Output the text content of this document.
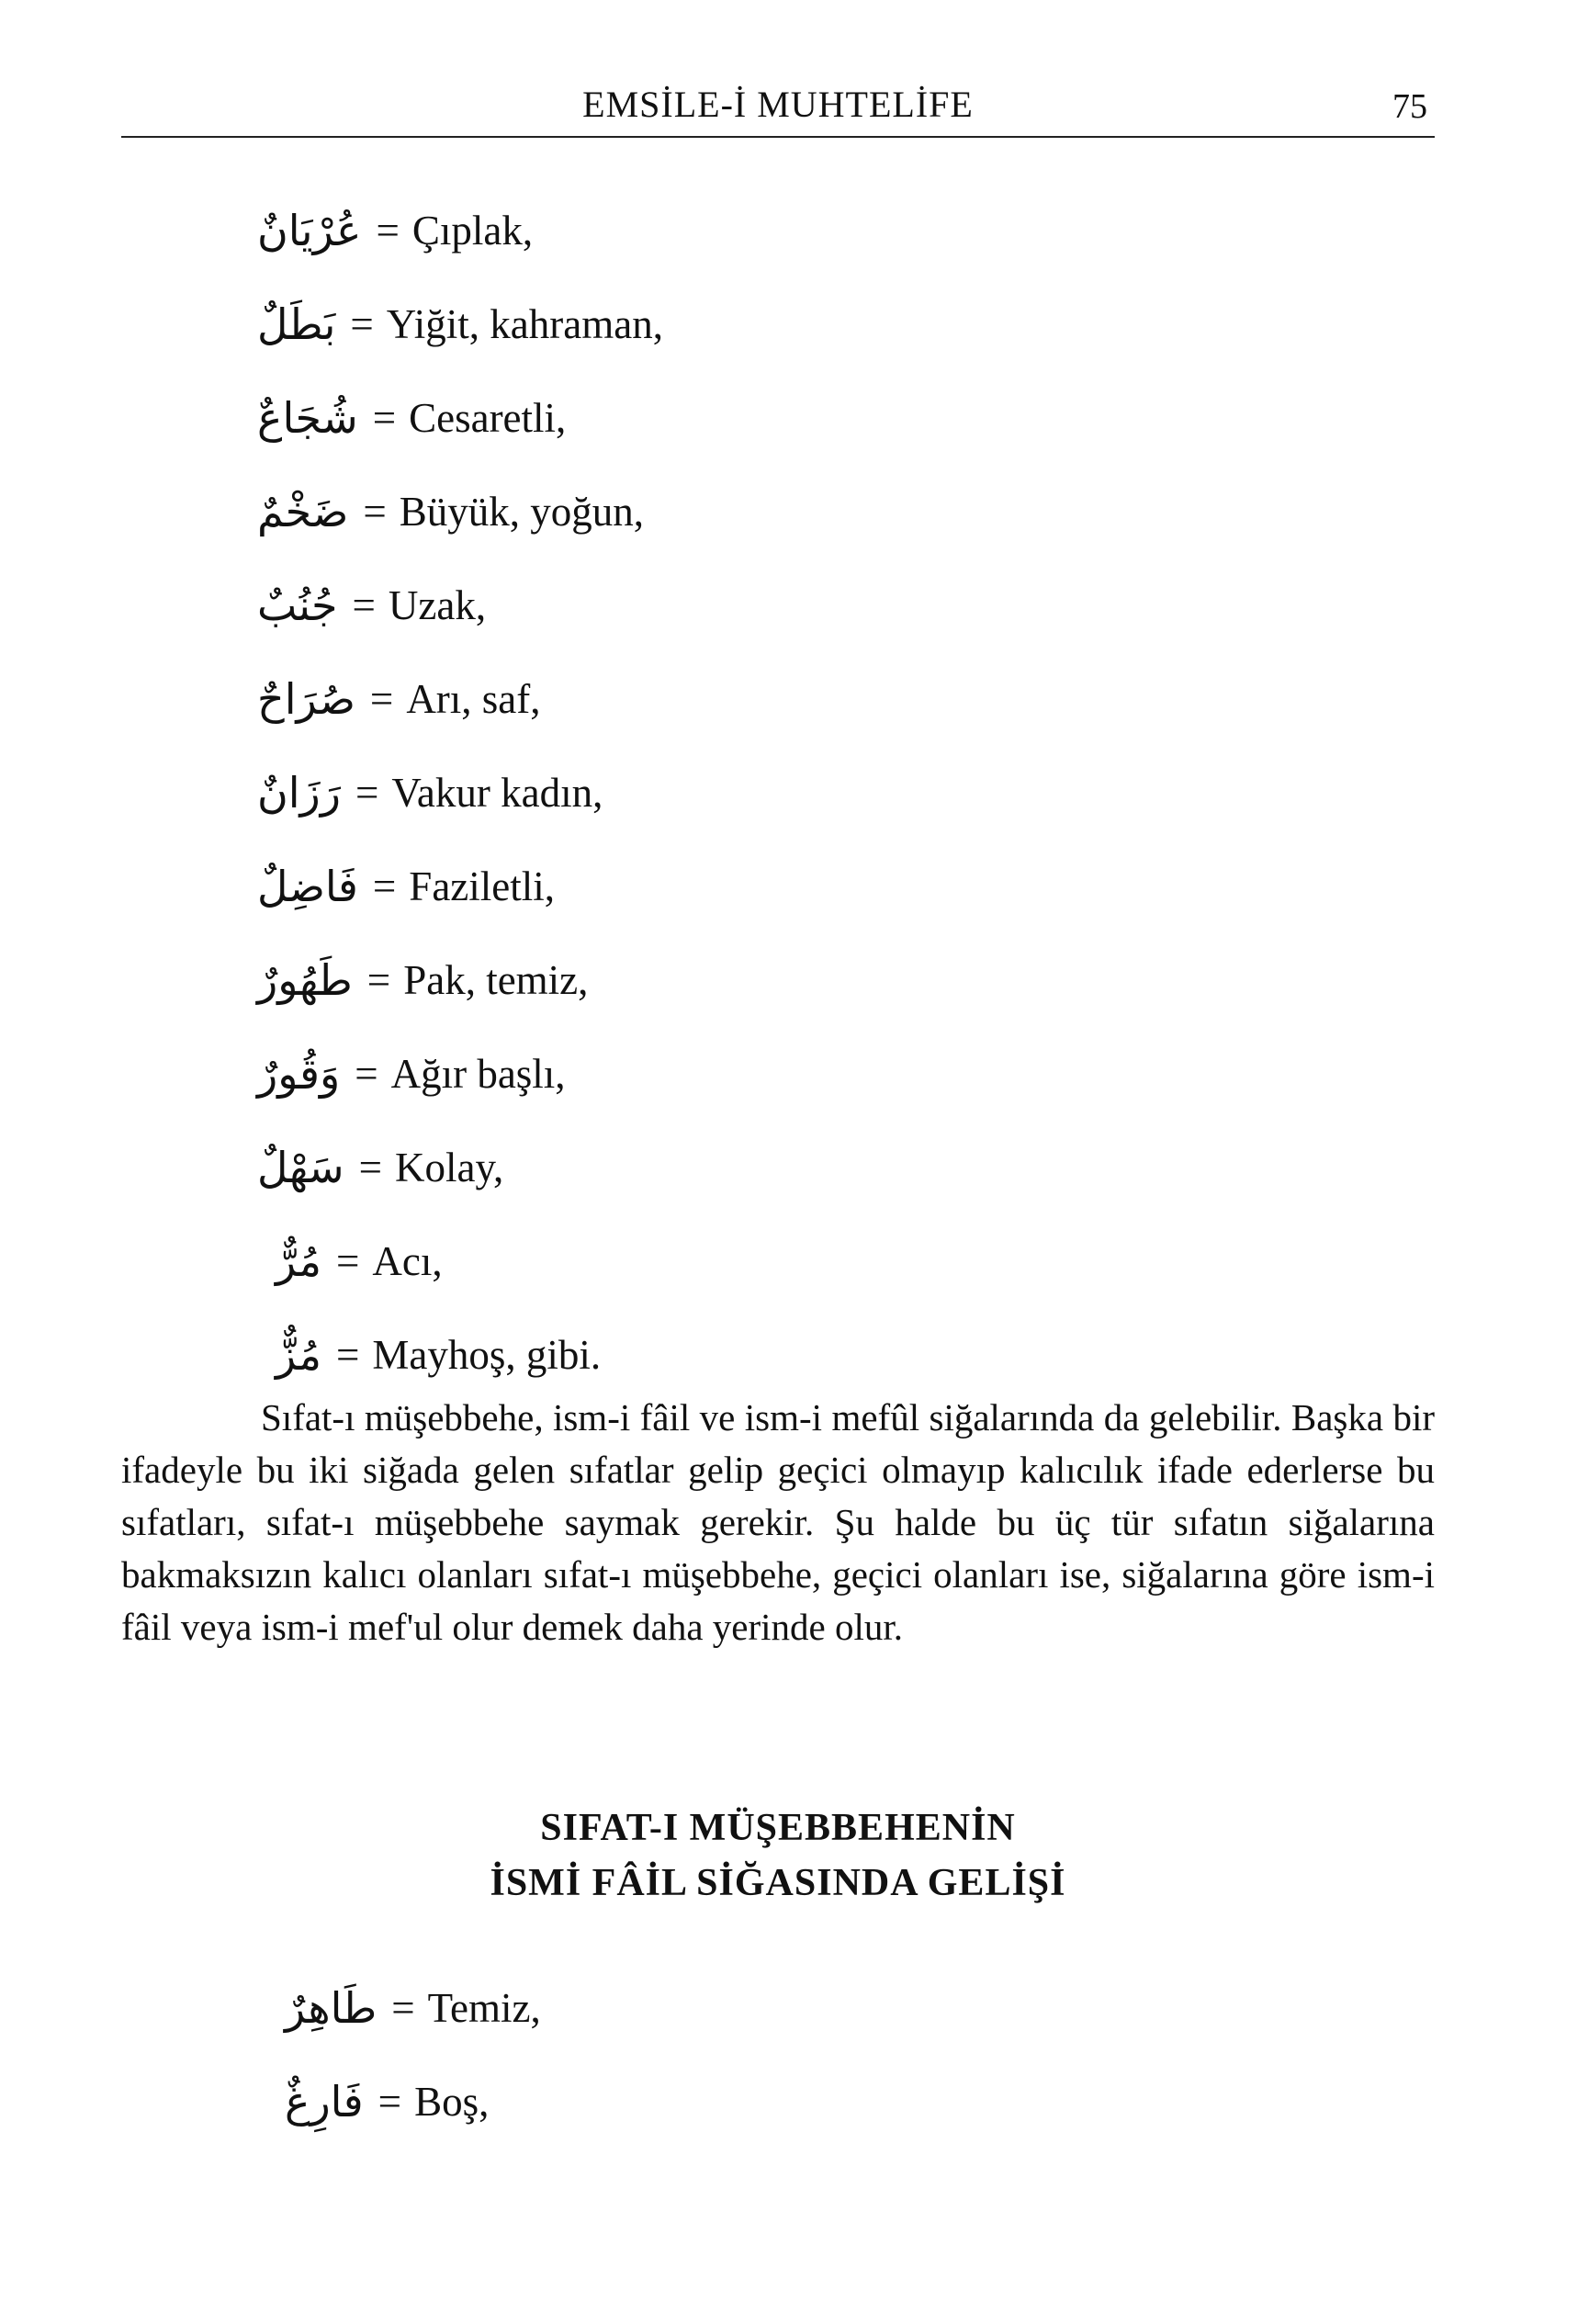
EMSİLE-İ MUHTELİFE	75
عُرْيَانٌ = Çıplak,
بَطَلٌ = Yiğit, kahraman,
شُجَاعٌ = Cesaretli,
ضَخْمٌ = Büyük, yoğun,
جُنُبٌ = Uzak,
صُرَاحٌ = Arı, saf,
رَزَانٌ = Vakur kadın,
فَاضِلٌ = Faziletli,
طَهُورٌ = Pak, temiz,
وَقُورٌ = Ağır başlı,
سَهْلٌ = Kolay,
مُرٌّ = Acı,
مُزٌّ = Mayhoş, gibi.

Sıfat-ı müşebbehe, ism-i fâil ve ism-i mefûl siğalarında da gelebilir. Başka bir ifadeyle bu iki siğada gelen sıfatlar gelip geçici olmayıp kalıcılık ifade ederlerse bu sıfatları, sıfat-ı müşebbehe saymak gerekir. Şu halde bu üç tür sıfatın siğalarına bakmaksızın kalıcı olanları sıfat-ı müşebbehe, geçici olanları ise, siğalarına göre ism-i fâil veya ism-i mef'ul olur demek daha yerinde olur.

SIFAT-I MÜŞEBBEHENİN
İSMİ FÂİL SİĞASINDA GELİŞİ
طَاهِرٌ = Temiz,
فَارِغٌ = Boş,
